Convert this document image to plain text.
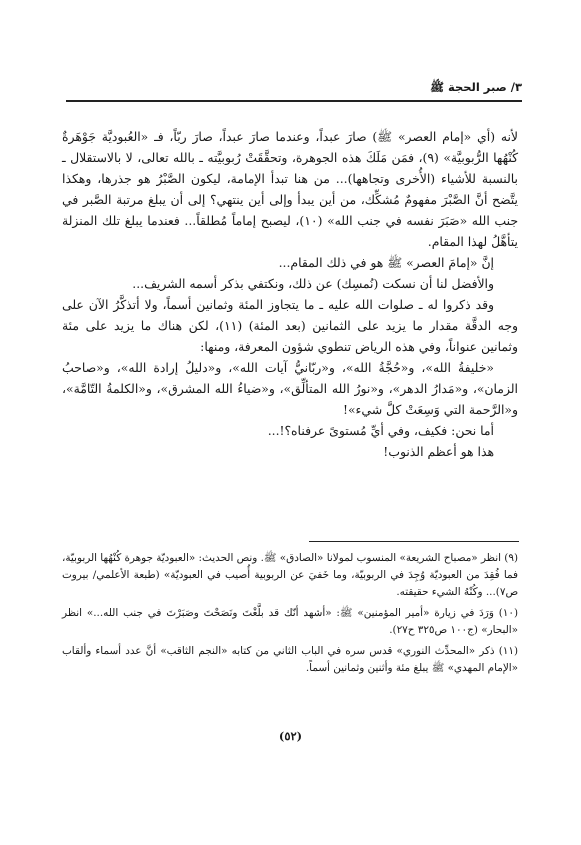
٣/ صبر الحجة ﷺ

لأنه (أي «إمام العصر» ﷺ) صارَ عبداً، وعندما صارَ عبداً، صارَ ربّاً، فـ «العُبوديَّة جَوْهَرةٌ كُنْهُها الرُّبوبيَّة» (٩)، فمَن مَلَكَ هذه الجوهرة، وتحقَّقَتْ رُبوبيَّته ـ بالله تعالى، لا بالاستقلال ـ بالنسبة للأشياء (الأُخرى وتجاهها)... من هنا تبدأ الإمامة، ليكون الصَّبْرُ هو جذرها، وهكذا يتَّضح أنَّ الصَّبْرَ مفهومٌ مُشكِّك، من أين يبدأ وإلى أين ينتهي؟ إلى أن يبلغ مرتبة الصَّبر في جنب الله «صَبَرَ نفسه في جنب الله» (١٠)، ليصبح إماماً مُطلقاً... فعندما يبلغ تلك المنزلة يتأهَّلُ لهذا المقام.

إنَّ «إمامَ العصر» ﷺ هو في ذلك المقام...

والأفضل لنا أن نسكت (نُمسِك) عن ذلك، ونكتفي بذكر أسمه الشريف...

وقد ذكروا له ـ صلوات الله عليه ـ ما يتجاوز المئة وثمانين أسماً، ولا أتذكَّرُ الآن على وجه الدقَّة مقدار ما يزيد على الثمانين (بعد المئة) (١١)، لكن هناك ما يزيد على مئة وثمانين عنواناً، وفي هذه الرياض تنطوي شؤون المعرفة، ومنها:

«خليفةُ الله»، و«حُجَّةُ الله»، و«ربّانيُّ آيات الله»، و«دليلُ إرادة الله»، و«صاحبُ الزمان»، و«مَدارُ الدهر»، و«نورُ الله المتألِّق»، و«ضياءُ الله المشرق»، و«الكلمةُ التّامَّة»، و«الرَّحمة التي وَسِعَتْ كلَّ شيء»!

أما نحن: فكيف، وفي أيِّ مُستوىً عرفناه؟!...

هذا هو أعظم الذنوب!

(٩) انظر «مصباح الشريعة» المنسوب لمولانا «الصادق» ﷺ. ونص الحديث: «العبوديّة جوهرة كُنْهُها الربوبيّة، فما فُقِدَ من العبوديّة وُجِدَ في الربوبيّة، وما خَفيَ عن الربوبية أُصيب في العبوديّة» (طبعة الأعلمي/ بيروت ص٧)... وكُنْهُ الشيء حقيقته.

(١٠) وَرَدَ في زيارة «أمير المؤمنين» ﷺ: «أشهد أنّك قد بلَّغْتَ ونَصَحْتَ وصَبَرْتَ في جنب الله...» انظر «البحار» (ج١٠٠ ص٣٢٥ ح٢٧).

(١١) ذكر «المحدِّث النوري» قدس سره في الباب الثاني من كتابه «النجم الثاقب» أنَّ عدد أسماء وألقاب «الإمام المهدي» ﷺ يبلغ مئة وأثنين وثمانين أسماً.

(٥٢)
